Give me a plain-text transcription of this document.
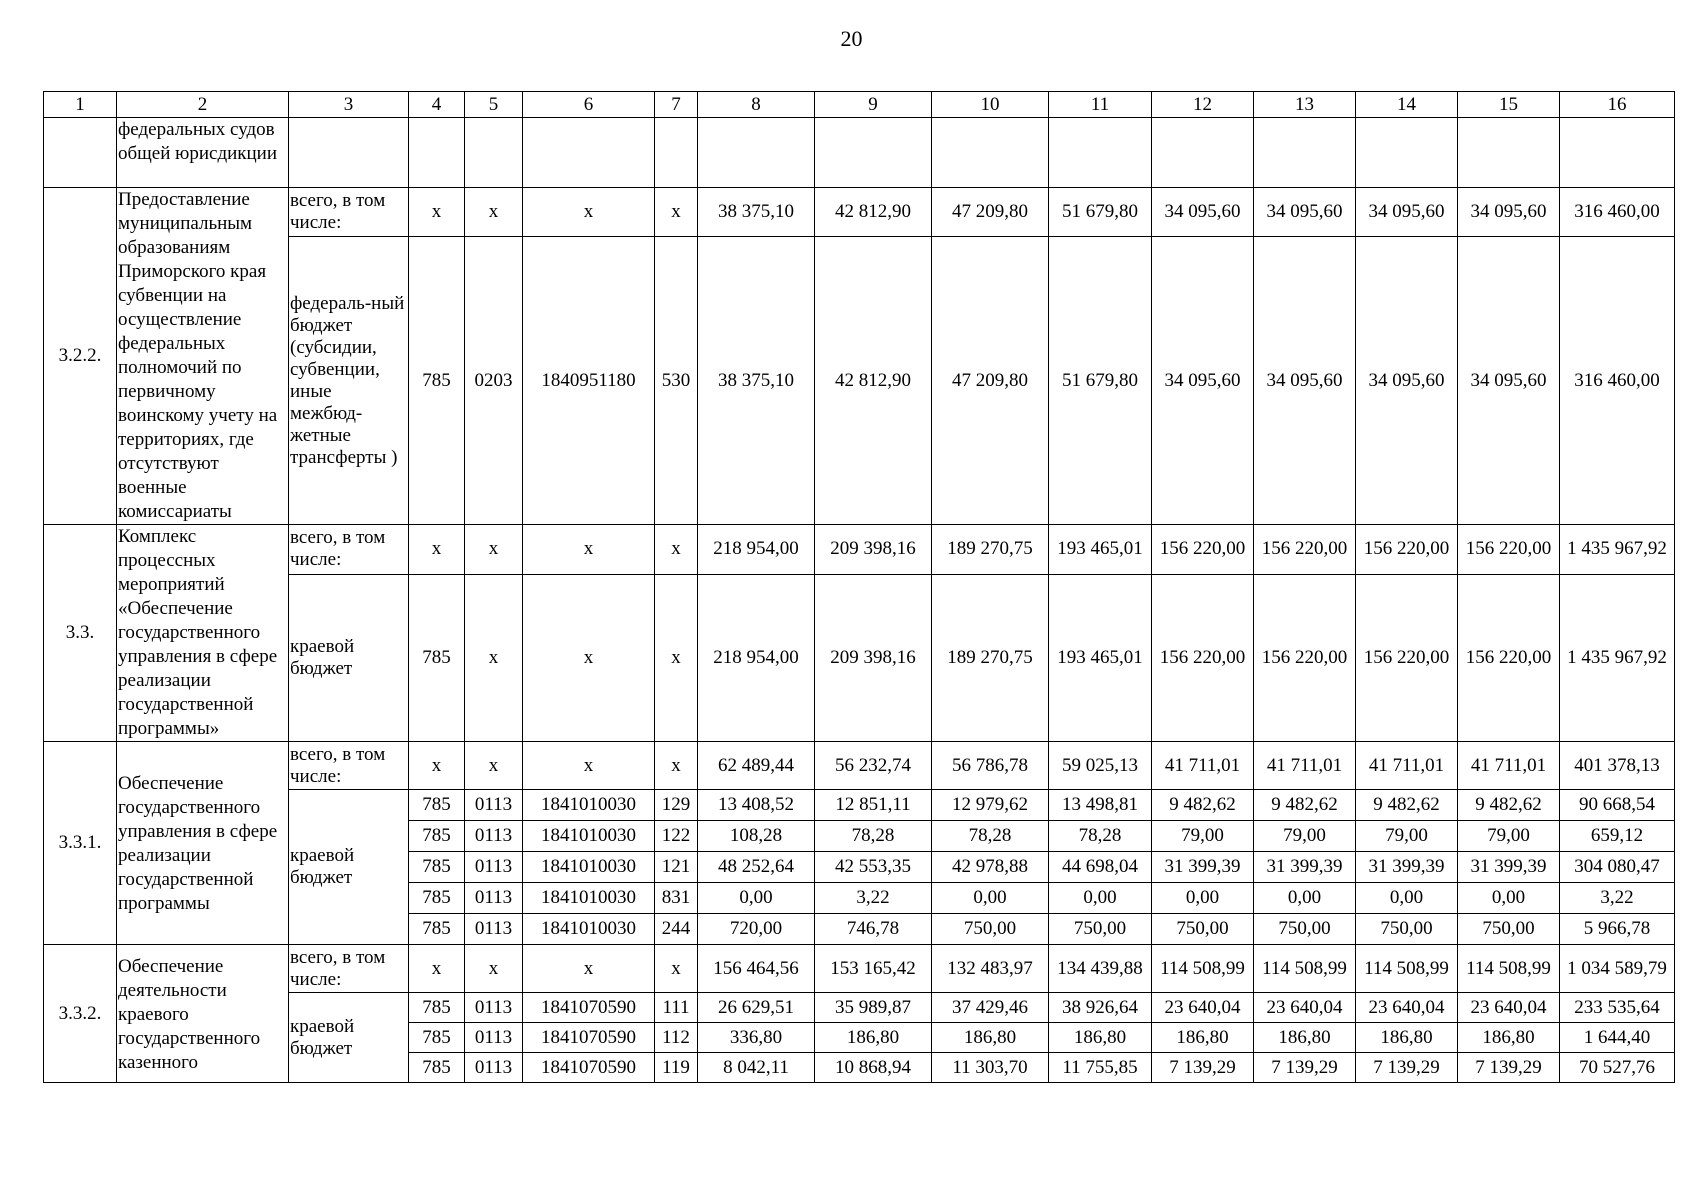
20
1	2	3	4	5	6	7	8	9	10	11	12	13	14	15	16
	федеральных судов общей юрисдикции														
3.2.2.	Предоставление муниципальным образованиям Приморского края субвенции на осуществление федеральных полномочий по первичному воинскому учету на территориях, где отсутствуют военные комиссариаты	всего, в том числе:	x	x	x	x	38 375,10	42 812,90	47 209,80	51 679,80	34 095,60	34 095,60	34 095,60	34 095,60	316 460,00
		федераль-ный бюджет (субсидии, субвенции, иные межбюд-жетные трансферты )	785	0203	1840951180	530	38 375,10	42 812,90	47 209,80	51 679,80	34 095,60	34 095,60	34 095,60	34 095,60	316 460,00
3.3.	Комплекс процессных мероприятий «Обеспечение государственного управления в сфере реализации государственной программы»	всего, в том числе:	x	x	x	x	218 954,00	209 398,16	189 270,75	193 465,01	156 220,00	156 220,00	156 220,00	156 220,00	1 435 967,92
		краевой бюджет	785	x	x	x	218 954,00	209 398,16	189 270,75	193 465,01	156 220,00	156 220,00	156 220,00	156 220,00	1 435 967,92
3.3.1.	Обеспечение государственного управления в сфере реализации государственной программы	всего, в том числе:	x	x	x	x	62 489,44	56 232,74	56 786,78	59 025,13	41 711,01	41 711,01	41 711,01	41 711,01	401 378,13
		краевой бюджет	785	0113	1841010030	129	13 408,52	12 851,11	12 979,62	13 498,81	9 482,62	9 482,62	9 482,62	9 482,62	90 668,54
			785	0113	1841010030	122	108,28	78,28	78,28	78,28	79,00	79,00	79,00	79,00	659,12
			785	0113	1841010030	121	48 252,64	42 553,35	42 978,88	44 698,04	31 399,39	31 399,39	31 399,39	31 399,39	304 080,47
			785	0113	1841010030	831	0,00	3,22	0,00	0,00	0,00	0,00	0,00	0,00	3,22
			785	0113	1841010030	244	720,00	746,78	750,00	750,00	750,00	750,00	750,00	750,00	5 966,78
3.3.2.	Обеспечение деятельности краевого государственного казенного	всего, в том числе:	x	x	x	x	156 464,56	153 165,42	132 483,97	134 439,88	114 508,99	114 508,99	114 508,99	114 508,99	1 034 589,79
		краевой бюджет	785	0113	1841070590	111	26 629,51	35 989,87	37 429,46	38 926,64	23 640,04	23 640,04	23 640,04	23 640,04	233 535,64
			785	0113	1841070590	112	336,80	186,80	186,80	186,80	186,80	186,80	186,80	186,80	1 644,40
			785	0113	1841070590	119	8 042,11	10 868,94	11 303,70	11 755,85	7 139,29	7 139,29	7 139,29	7 139,29	70 527,76
